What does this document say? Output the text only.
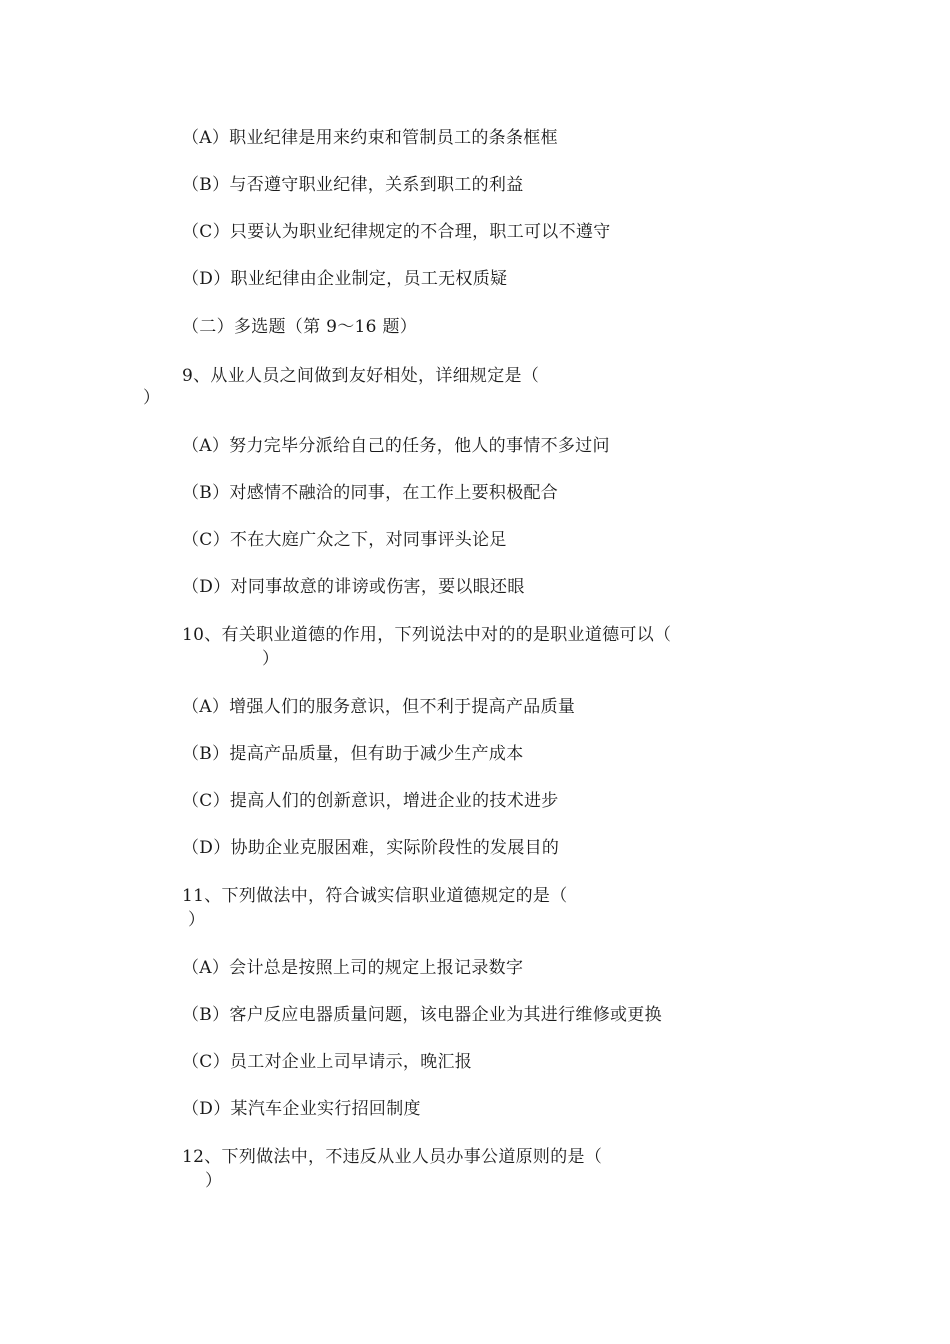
（A）职业纪律是用来约束和管制员工的条条框框
（B）与否遵守职业纪律，关系到职工的利益
（C）只要认为职业纪律规定的不合理，职工可以不遵守
（D）职业纪律由企业制定，员工无权质疑
（二）多选题（第 9～16 题）
9、从业人员之间做到友好相处，详细规定是（
）
（A）努力完毕分派给自己的任务，他人的事情不多过问
（B）对感情不融洽的同事，在工作上要积极配合
（C）不在大庭广众之下，对同事评头论足
（D）对同事故意的诽谤或伤害，要以眼还眼
10、有关职业道德的作用，下列说法中对的的是职业道德可以（
）
（A）增强人们的服务意识，但不利于提高产品质量
（B）提高产品质量，但有助于减少生产成本
（C）提高人们的创新意识，增进企业的技术进步
（D）协助企业克服困难，实际阶段性的发展目的
11、下列做法中，符合诚实信职业道德规定的是（
）
（A）会计总是按照上司的规定上报记录数字
（B）客户反应电器质量问题，该电器企业为其进行维修或更换
（C）员工对企业上司早请示，晚汇报
（D）某汽车企业实行招回制度
12、下列做法中，不违反从业人员办事公道原则的是（
）
